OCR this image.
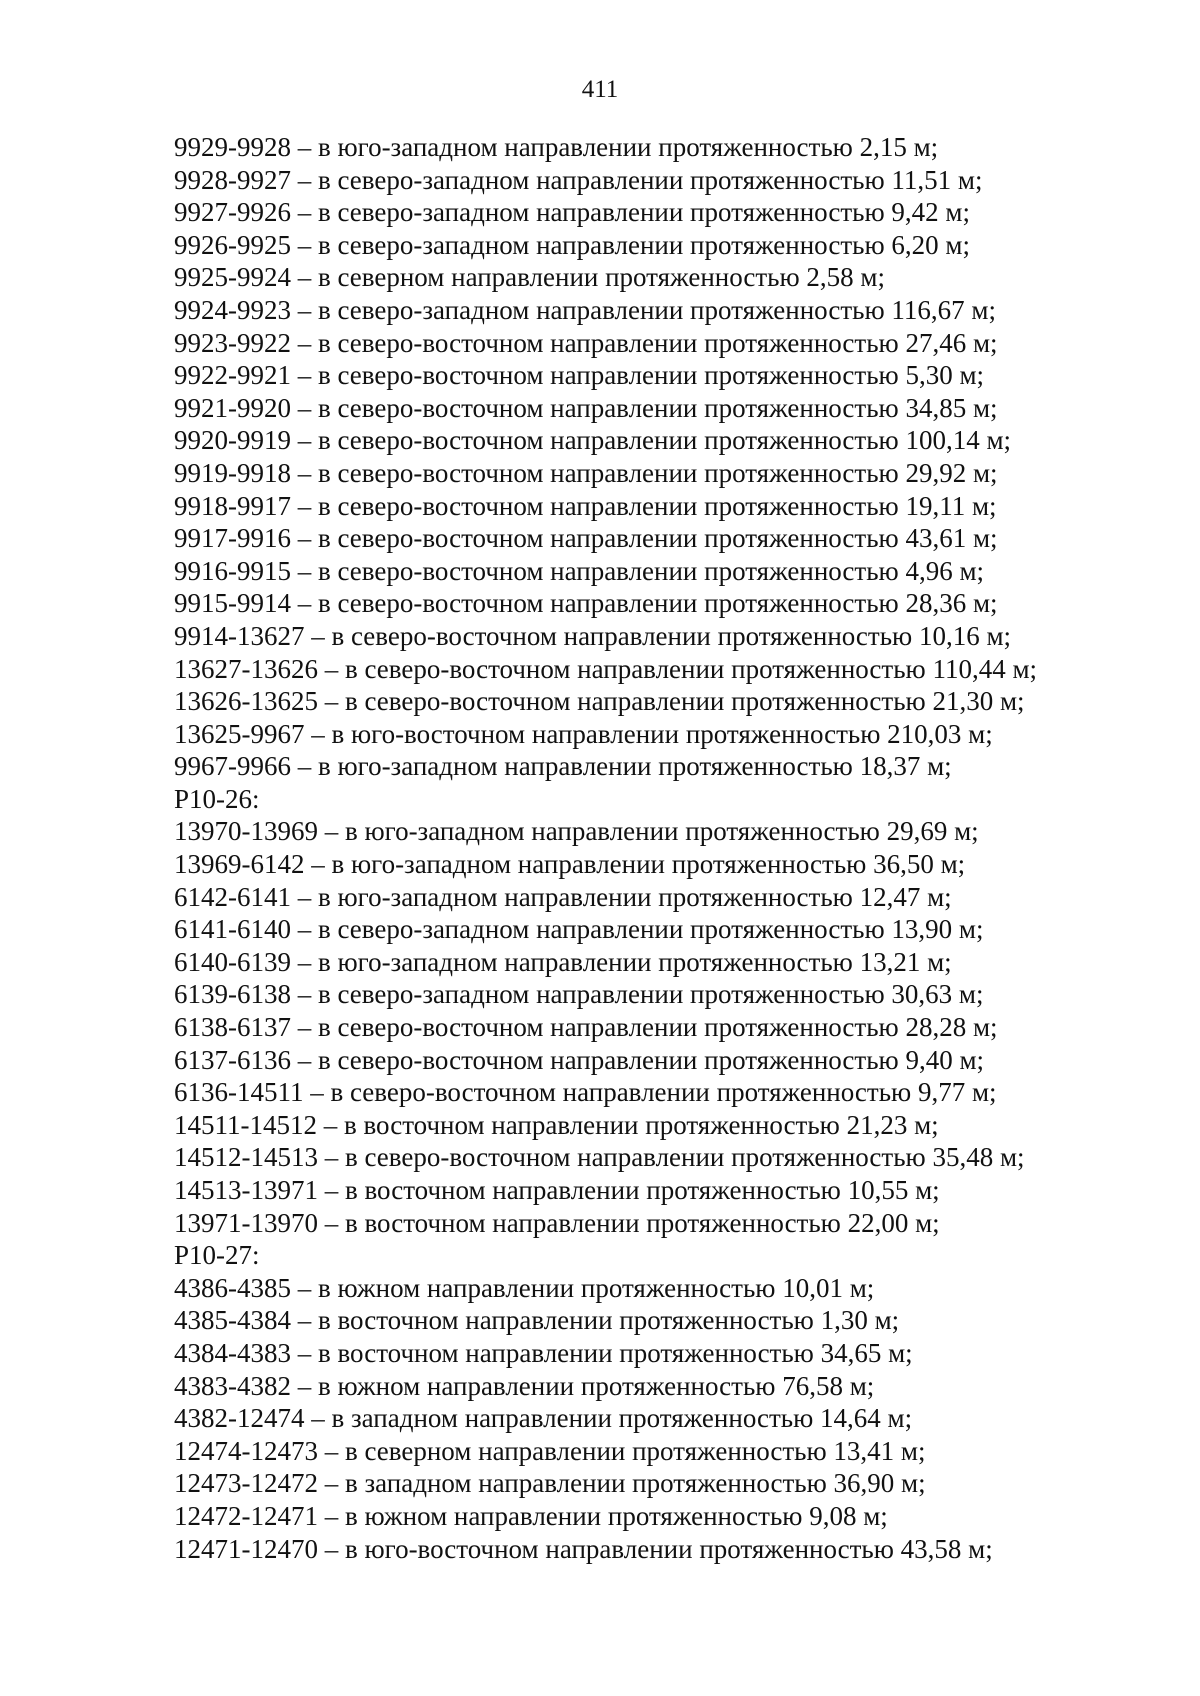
411
9929-9928 – в юго-западном направлении протяженностью 2,15 м;
9928-9927 – в северо-западном направлении протяженностью 11,51 м;
9927-9926 – в северо-западном направлении протяженностью 9,42 м;
9926-9925 – в северо-западном направлении протяженностью 6,20 м;
9925-9924 – в северном направлении протяженностью 2,58 м;
9924-9923 – в северо-западном направлении протяженностью 116,67 м;
9923-9922 – в северо-восточном направлении протяженностью 27,46 м;
9922-9921 – в северо-восточном направлении протяженностью 5,30 м;
9921-9920 – в северо-восточном направлении протяженностью 34,85 м;
9920-9919 – в северо-восточном направлении протяженностью 100,14 м;
9919-9918 – в северо-восточном направлении протяженностью 29,92 м;
9918-9917 – в северо-восточном направлении протяженностью 19,11 м;
9917-9916 – в северо-восточном направлении протяженностью 43,61 м;
9916-9915 – в северо-восточном направлении протяженностью 4,96 м;
9915-9914 – в северо-восточном направлении протяженностью 28,36 м;
9914-13627 – в северо-восточном направлении протяженностью 10,16 м;
13627-13626 – в северо-восточном направлении протяженностью 110,44 м;
13626-13625 – в северо-восточном направлении протяженностью 21,30 м;
13625-9967 – в юго-восточном направлении протяженностью 210,03 м;
9967-9966 – в юго-западном направлении протяженностью 18,37 м;
Р10-26:
13970-13969 – в юго-западном направлении протяженностью 29,69 м;
13969-6142 – в юго-западном направлении протяженностью 36,50 м;
6142-6141 – в юго-западном направлении протяженностью 12,47 м;
6141-6140 – в северо-западном направлении протяженностью 13,90 м;
6140-6139 – в юго-западном направлении протяженностью 13,21 м;
6139-6138 – в северо-западном направлении протяженностью 30,63 м;
6138-6137 – в северо-восточном направлении протяженностью 28,28 м;
6137-6136 – в северо-восточном направлении протяженностью 9,40 м;
6136-14511 – в северо-восточном направлении протяженностью 9,77 м;
14511-14512 – в восточном направлении протяженностью 21,23 м;
14512-14513 – в северо-восточном направлении протяженностью 35,48 м;
14513-13971 – в восточном направлении протяженностью 10,55 м;
13971-13970 – в восточном направлении протяженностью 22,00 м;
Р10-27:
4386-4385 – в южном направлении протяженностью 10,01 м;
4385-4384 – в восточном направлении протяженностью 1,30 м;
4384-4383 – в восточном направлении протяженностью 34,65 м;
4383-4382 – в южном направлении протяженностью 76,58 м;
4382-12474 – в западном направлении протяженностью 14,64 м;
12474-12473 – в северном направлении протяженностью 13,41 м;
12473-12472 – в западном направлении протяженностью 36,90 м;
12472-12471 – в южном направлении протяженностью 9,08 м;
12471-12470 – в юго-восточном направлении протяженностью 43,58 м;
